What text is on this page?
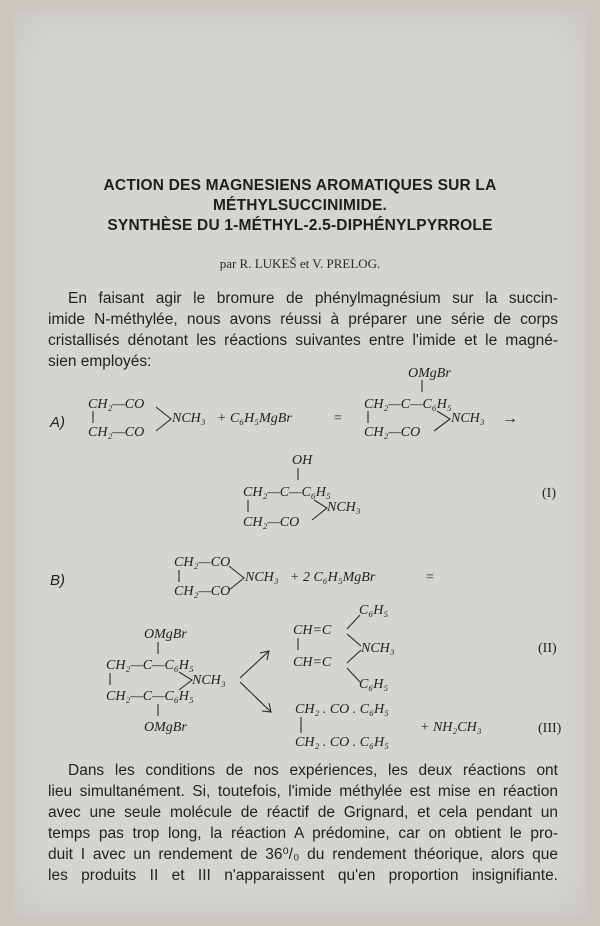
ACTION DES MAGNESIENS AROMATIQUES SUR LA
MÉTHYLSUCCINIMIDE.
SYNTHÈSE DU 1-MÉTHYL-2.5-DIPHÉNYLPYRROLE
par R. LUKEŠ et V. PRELOG.
En faisant agir le bromure de phénylmagnésium sur la succin-
imide N-méthylée, nous avons réussi à préparer une série de corps
cristallisés dénotant les réactions suivantes entre l'imide et le magné-
sien employés:
A)
CH₂—CO
CH₂—CO
NCH₃ + C₆H₅MgBr	=
OMgBr
CH₂—C—C₆H₅
NCH₃
CH₂—CO
→
OH
CH₂—C—C₆H₅
NCH₃
CH₂—CO
(I)
B)
CH₂—CO
CH₂—CO
NCH₃ + 2 C₆H₅MgBr	=
OMgBr
CH₂—C—C₆H₅
NCH₃
CH₂—C—C₆H₅
OMgBr
C₆H₅
CH=C
NCH₃
CH=C
C₆H₅
(II)
CH₂ . CO . C₆H₅
CH₂ . CO . C₆H₅
+ NH₂CH₃	(III)
Dans les conditions de nos expériences, les deux réactions ont
lieu simultanément. Si, toutefois, l'imide méthylée est mise en réaction
avec une seule molécule de réactif de Grignard, et cela pendant un
temps pas trop long, la réaction A prédomine, car on obtient le pro-
duit I avec un rendement de 36⁰/₀ du rendement théorique, alors que
les produits II et III n'apparaissent qu'en proportion insignifiante.
